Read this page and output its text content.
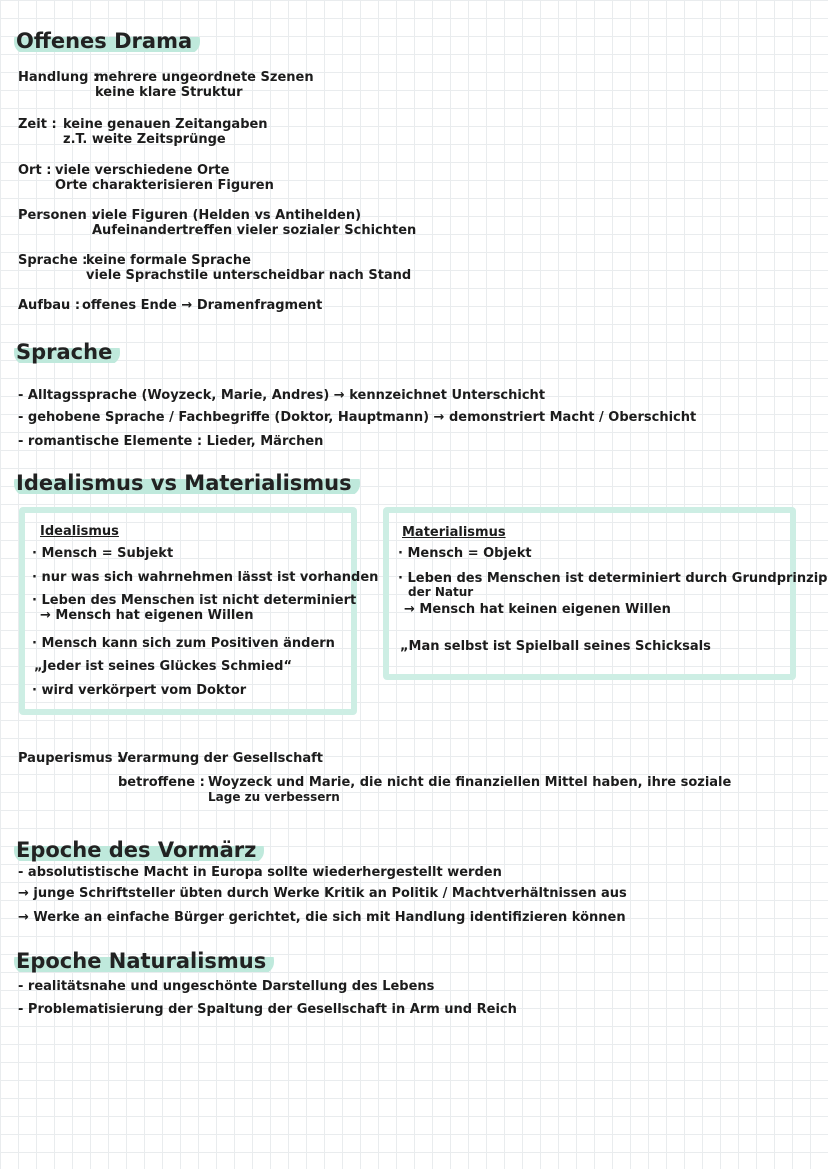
Offenes Drama
Handlung :
mehrere ungeordnete Szenen
keine klare Struktur
Zeit : keine genauen Zeitangaben
z.T. weite Zeitsprünge
Ort : viele verschiedene Orte
Orte charakterisieren Figuren
Personen :
viele Figuren (Helden vs Antihelden)
Aufeinandertreffen vieler sozialer Schichten
Sprache :
keine formale Sprache
viele Sprachstile unterscheidbar nach Stand
Aufbau : offenes Ende → Dramenfragment
Sprache
- Alltagssprache (Woyzeck, Marie, Andres) → kennzeichnet Unterschicht
- gehobene Sprache / Fachbegriffe (Doktor, Hauptmann) → demonstriert Macht / Oberschicht
- romantische Elemente : Lieder, Märchen
Idealismus vs Materialismus
Idealismus
· Mensch = Subjekt
· nur was sich wahrnehmen lässt ist vorhanden
· Leben des Menschen ist nicht determiniert
→ Mensch hat eigenen Willen
· Mensch kann sich zum Positiven ändern
„Jeder ist seines Glückes Schmied“
· wird verkörpert vom Doktor
Materialismus
· Mensch = Objekt
· Leben des Menschen ist determiniert durch Grundprinzip
der Natur
→ Mensch hat keinen eigenen Willen
„Man selbst ist Spielball seines Schicksals
Pauperismus :
Verarmung der Gesellschaft
betroffene : Woyzeck und Marie, die nicht die finanziellen Mittel haben, ihre soziale
Lage zu verbessern
Epoche des Vormärz
- absolutistische Macht in Europa sollte wiederhergestellt werden
→ junge Schriftsteller übten durch Werke Kritik an Politik / Machtverhältnissen aus
→ Werke an einfache Bürger gerichtet, die sich mit Handlung identifizieren können
Epoche Naturalismus
- realitätsnahe und ungeschönte Darstellung des Lebens
- Problematisierung der Spaltung der Gesellschaft in Arm und Reich
